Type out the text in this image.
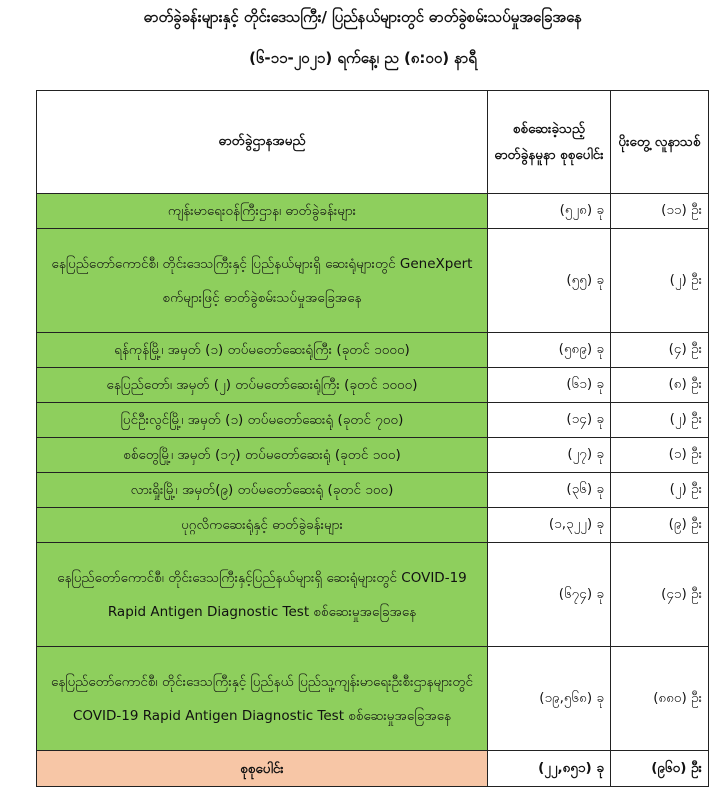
ဓာတ်ခွဲခန်းများနှင့် တိုင်းဒေသကြီး/ ပြည်နယ်များတွင် ဓာတ်ခွဲစမ်းသပ်မှုအခြေအနေ
(၆-၁၁-၂၀၂၁) ရက်နေ့၊ ည (၈:၀၀) နာရီ
ဓာတ်ခွဲဌာနအမည်	စစ်ဆေးခဲ့သည့် ဓာတ်ခွဲနမူနာ စုစုပေါင်း	ပိုးတွေ့ လူနာသစ်
ကျန်းမာရေးဝန်ကြီးဌာန၊ ဓာတ်ခွဲခန်းများ	(၅၂၈) ခု	(၁၁) ဦး
နေပြည်တော်ကောင်စီ၊ တိုင်းဒေသကြီးနှင့် ပြည်နယ်များရှိ ဆေးရုံများတွင် GeneXpert စက်များဖြင့် ဓာတ်ခွဲစမ်းသပ်မှုအခြေအနေ	(၅၅) ခု	(၂) ဦး
ရန်ကုန်မြို့၊ အမှတ် (၁) တပ်မတော်ဆေးရုံကြီး (ခုတင် ၁၀၀၀)	(၅၈၉) ခု	(၄) ဦး
နေပြည်တော်၊ အမှတ် (၂) တပ်မတော်ဆေးရုံကြီး (ခုတင် ၁၀၀၀)	(၆၁) ခု	(၈) ဦး
ပြင်ဦးလွင်မြို့၊ အမှတ် (၁) တပ်မတော်ဆေးရုံ (ခုတင် ၇၀၀)	(၁၄) ခု	(၂) ဦး
စစ်တွေမြို့၊ အမှတ် (၁၇) တပ်မတော်ဆေးရုံ (ခုတင် ၁၀၀)	(၂၇) ခု	(၁) ဦး
လားရှိုးမြို့၊ အမှတ်(၉) တပ်မတော်ဆေးရုံ (ခုတင် ၁၀၀)	(၃၆) ခု	(၂) ဦး
ပုဂ္ဂလိကဆေးရုံနှင့် ဓာတ်ခွဲခန်းများ	(၁,၃၂၂) ခု	(၉) ဦး
နေပြည်တော်ကောင်စီ၊ တိုင်းဒေသကြီးနှင့်ပြည်နယ်များရှိ ဆေးရုံများတွင် COVID-19 Rapid Antigen Diagnostic Test စစ်ဆေးမှုအခြေအနေ	(၆၇၄) ခု	(၄၁) ဦး
နေပြည်တော်ကောင်စီ၊ တိုင်းဒေသကြီးနှင့် ပြည်နယ် ပြည်သူ့ကျန်းမာရေးဦးစီးဌာနများတွင် COVID-19 Rapid Antigen Diagnostic Test စစ်ဆေးမှုအခြေအနေ	(၁၉,၅၆၈) ခု	(၈၈၀) ဦး
စုစုပေါင်း	(၂၂,၈၅၁) ခု	(၉၆၀) ဦး
